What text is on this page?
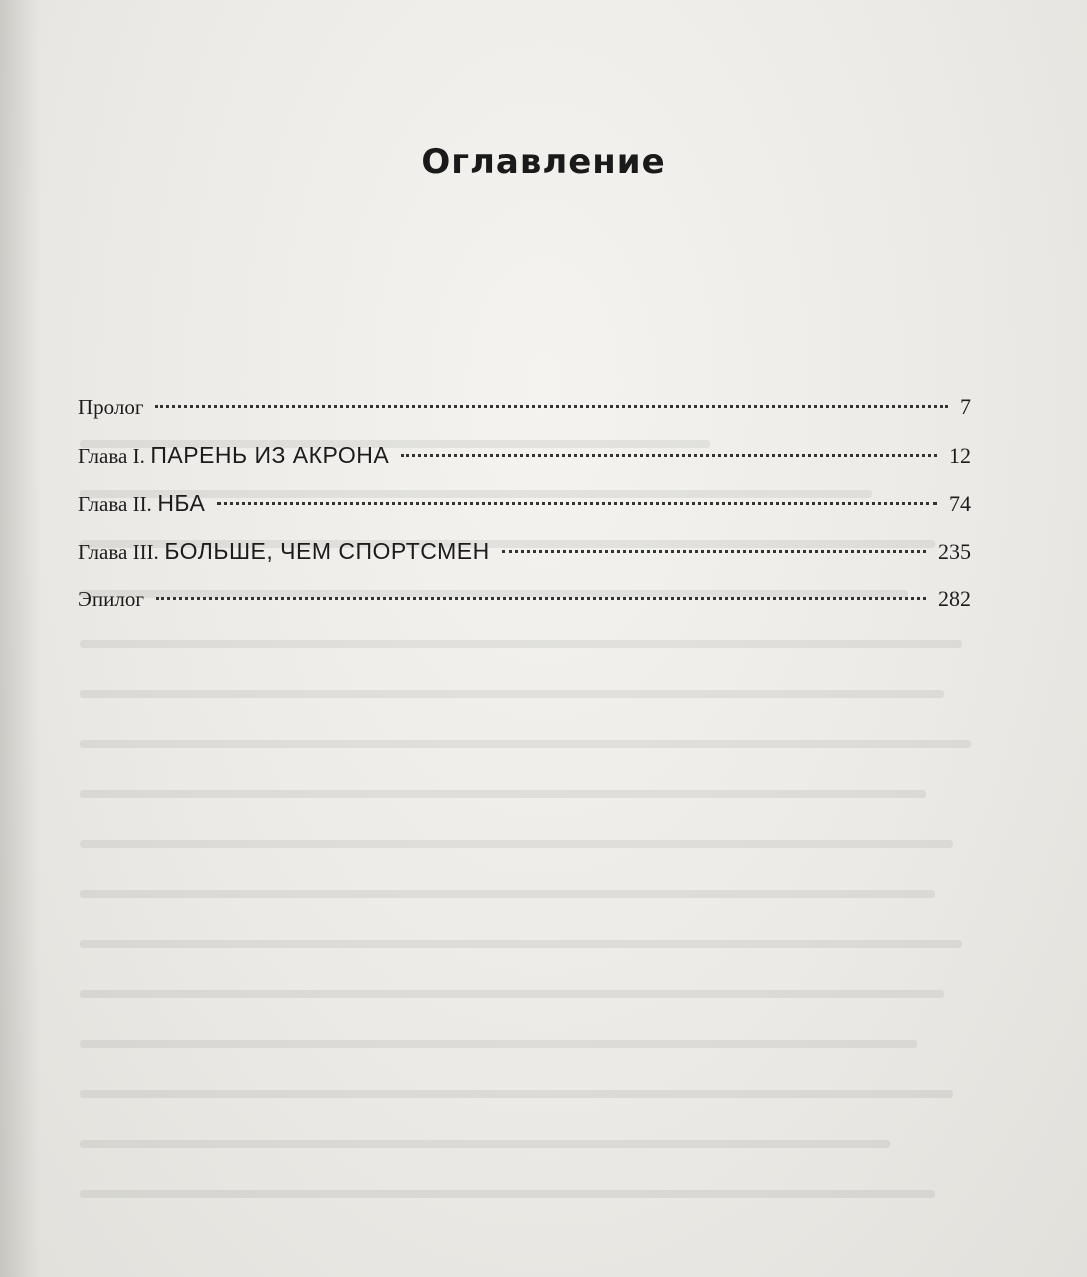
Оглавление
Пролог	7
Глава I. ПАРЕНЬ ИЗ АКРОНА	12
Глава II. НБА	74
Глава III. БОЛЬШЕ, ЧЕМ СПОРТСМЕН	235
Эпилог	282
